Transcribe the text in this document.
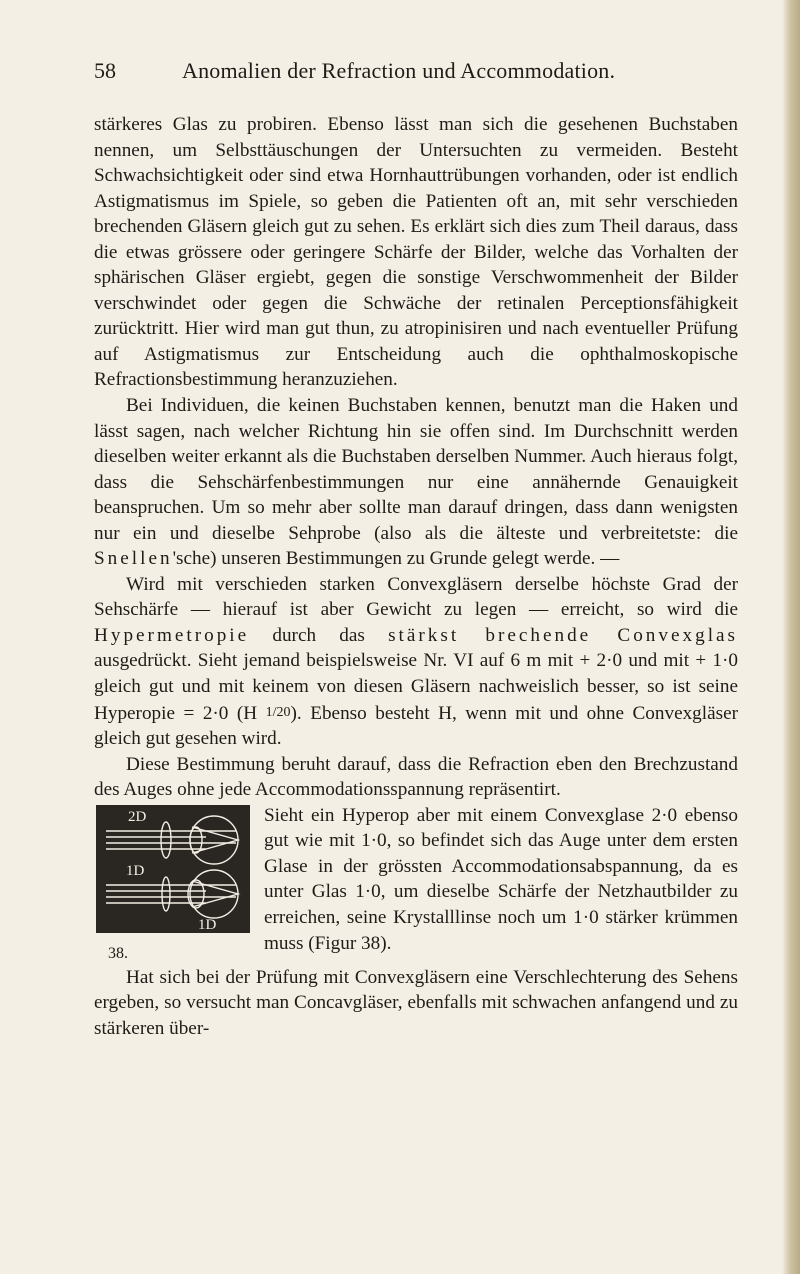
58	Anomalien der Refraction und Accommodation.

stärkeres Glas zu probiren. Ebenso lässt man sich die gesehenen Buchstaben nennen, um Selbsttäuschungen der Untersuchten zu vermeiden. Besteht Schwachsichtigkeit oder sind etwa Hornhauttrübungen vorhanden, oder ist endlich Astigmatismus im Spiele, so geben die Patienten oft an, mit sehr verschieden brechenden Gläsern gleich gut zu sehen. Es erklärt sich dies zum Theil daraus, dass die etwas grössere oder geringere Schärfe der Bilder, welche das Vorhalten der sphärischen Gläser ergiebt, gegen die sonstige Verschwommenheit der Bilder verschwindet oder gegen die Schwäche der retinalen Perceptionsfähigkeit zurücktritt. Hier wird man gut thun, zu atropinisiren und nach eventueller Prüfung auf Astigmatismus zur Entscheidung auch die ophthalmoskopische Refractionsbestimmung heranzuziehen.

Bei Individuen, die keinen Buchstaben kennen, benutzt man die Haken und lässt sagen, nach welcher Richtung hin sie offen sind. Im Durchschnitt werden dieselben weiter erkannt als die Buchstaben derselben Nummer. Auch hieraus folgt, dass die Sehschärfenbestimmungen nur eine annähernde Genauigkeit beanspruchen. Um so mehr aber sollte man darauf dringen, dass dann wenigsten nur ein und dieselbe Sehprobe (also als die älteste und verbreitetste: die Snellen'sche) unseren Bestimmungen zu Grunde gelegt werde. —

Wird mit verschieden starken Convexgläsern derselbe höchste Grad der Sehschärfe — hierauf ist aber Gewicht zu legen — erreicht, so wird die Hypermetropie durch das stärkst brechende Convexglas ausgedrückt. Sieht jemand beispielsweise Nr. VI auf 6 m mit + 2·0 und mit + 1·0 gleich gut und mit keinem von diesen Gläsern nachweislich besser, so ist seine Hyperopie = 2·0 (H 1/20). Ebenso besteht H, wenn mit und ohne Convexgläser gleich gut gesehen wird.

Diese Bestimmung beruht darauf, dass die Refraction eben den Brechzustand des Auges ohne jede Accommodationsspannung repräsentirt.

2D
1D
1D
38.

Sieht ein Hyperop aber mit einem Convexglase 2·0 ebenso gut wie mit 1·0, so befindet sich das Auge unter dem ersten Glase in der grössten Accommodationsabspannung, da es unter Glas 1·0, um dieselbe Schärfe der Netzhautbilder zu erreichen, seine Krystalllinse noch um 1·0 stärker krümmen muss (Figur 38).

Hat sich bei der Prüfung mit Convexgläsern eine Verschlechterung des Sehens ergeben, so versucht man Concavgläser, ebenfalls mit schwachen anfangend und zu stärkeren über-
